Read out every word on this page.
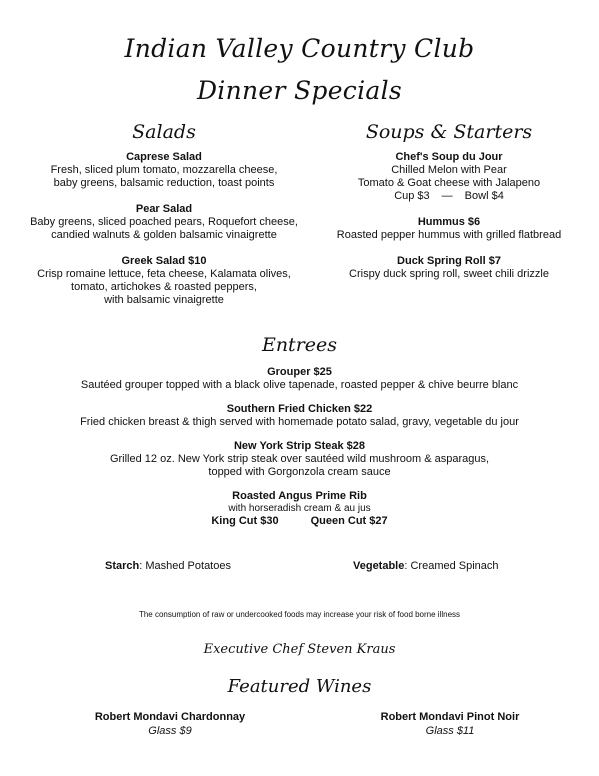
Indian Valley Country Club
Dinner Specials
Salads
Caprese Salad
Fresh, sliced plum tomato, mozzarella cheese,
baby greens, balsamic reduction, toast points
Pear Salad
Baby greens, sliced poached pears, Roquefort cheese,
candied walnuts & golden balsamic vinaigrette
Greek Salad $10
Crisp romaine lettuce, feta cheese, Kalamata olives,
tomato, artichokes & roasted peppers,
with balsamic vinaigrette
Soups & Starters
Chef's Soup du Jour
Chilled Melon with Pear
Tomato & Goat cheese with Jalapeno
Cup $3 — Bowl $4
Hummus $6
Roasted pepper hummus with grilled flatbread
Duck Spring Roll $7
Crispy duck spring roll, sweet chili drizzle
Entrees
Grouper $25
Sautéed grouper topped with a black olive tapenade, roasted pepper & chive beurre blanc
Southern Fried Chicken $22
Fried chicken breast & thigh served with homemade potato salad, gravy, vegetable du jour
New York Strip Steak $28
Grilled 12 oz. New York strip steak over sautéed wild mushroom & asparagus,
topped with Gorgonzola cream sauce
Roasted Angus Prime Rib
with horseradish cream & au jus
King Cut $30	Queen Cut $27
Starch: Mashed Potatoes	Vegetable: Creamed Spinach
The consumption of raw or undercooked foods may increase your risk of food borne illness
Executive Chef Steven Kraus
Featured Wines
Robert Mondavi Chardonnay
Glass $9
Robert Mondavi Pinot Noir
Glass $11
